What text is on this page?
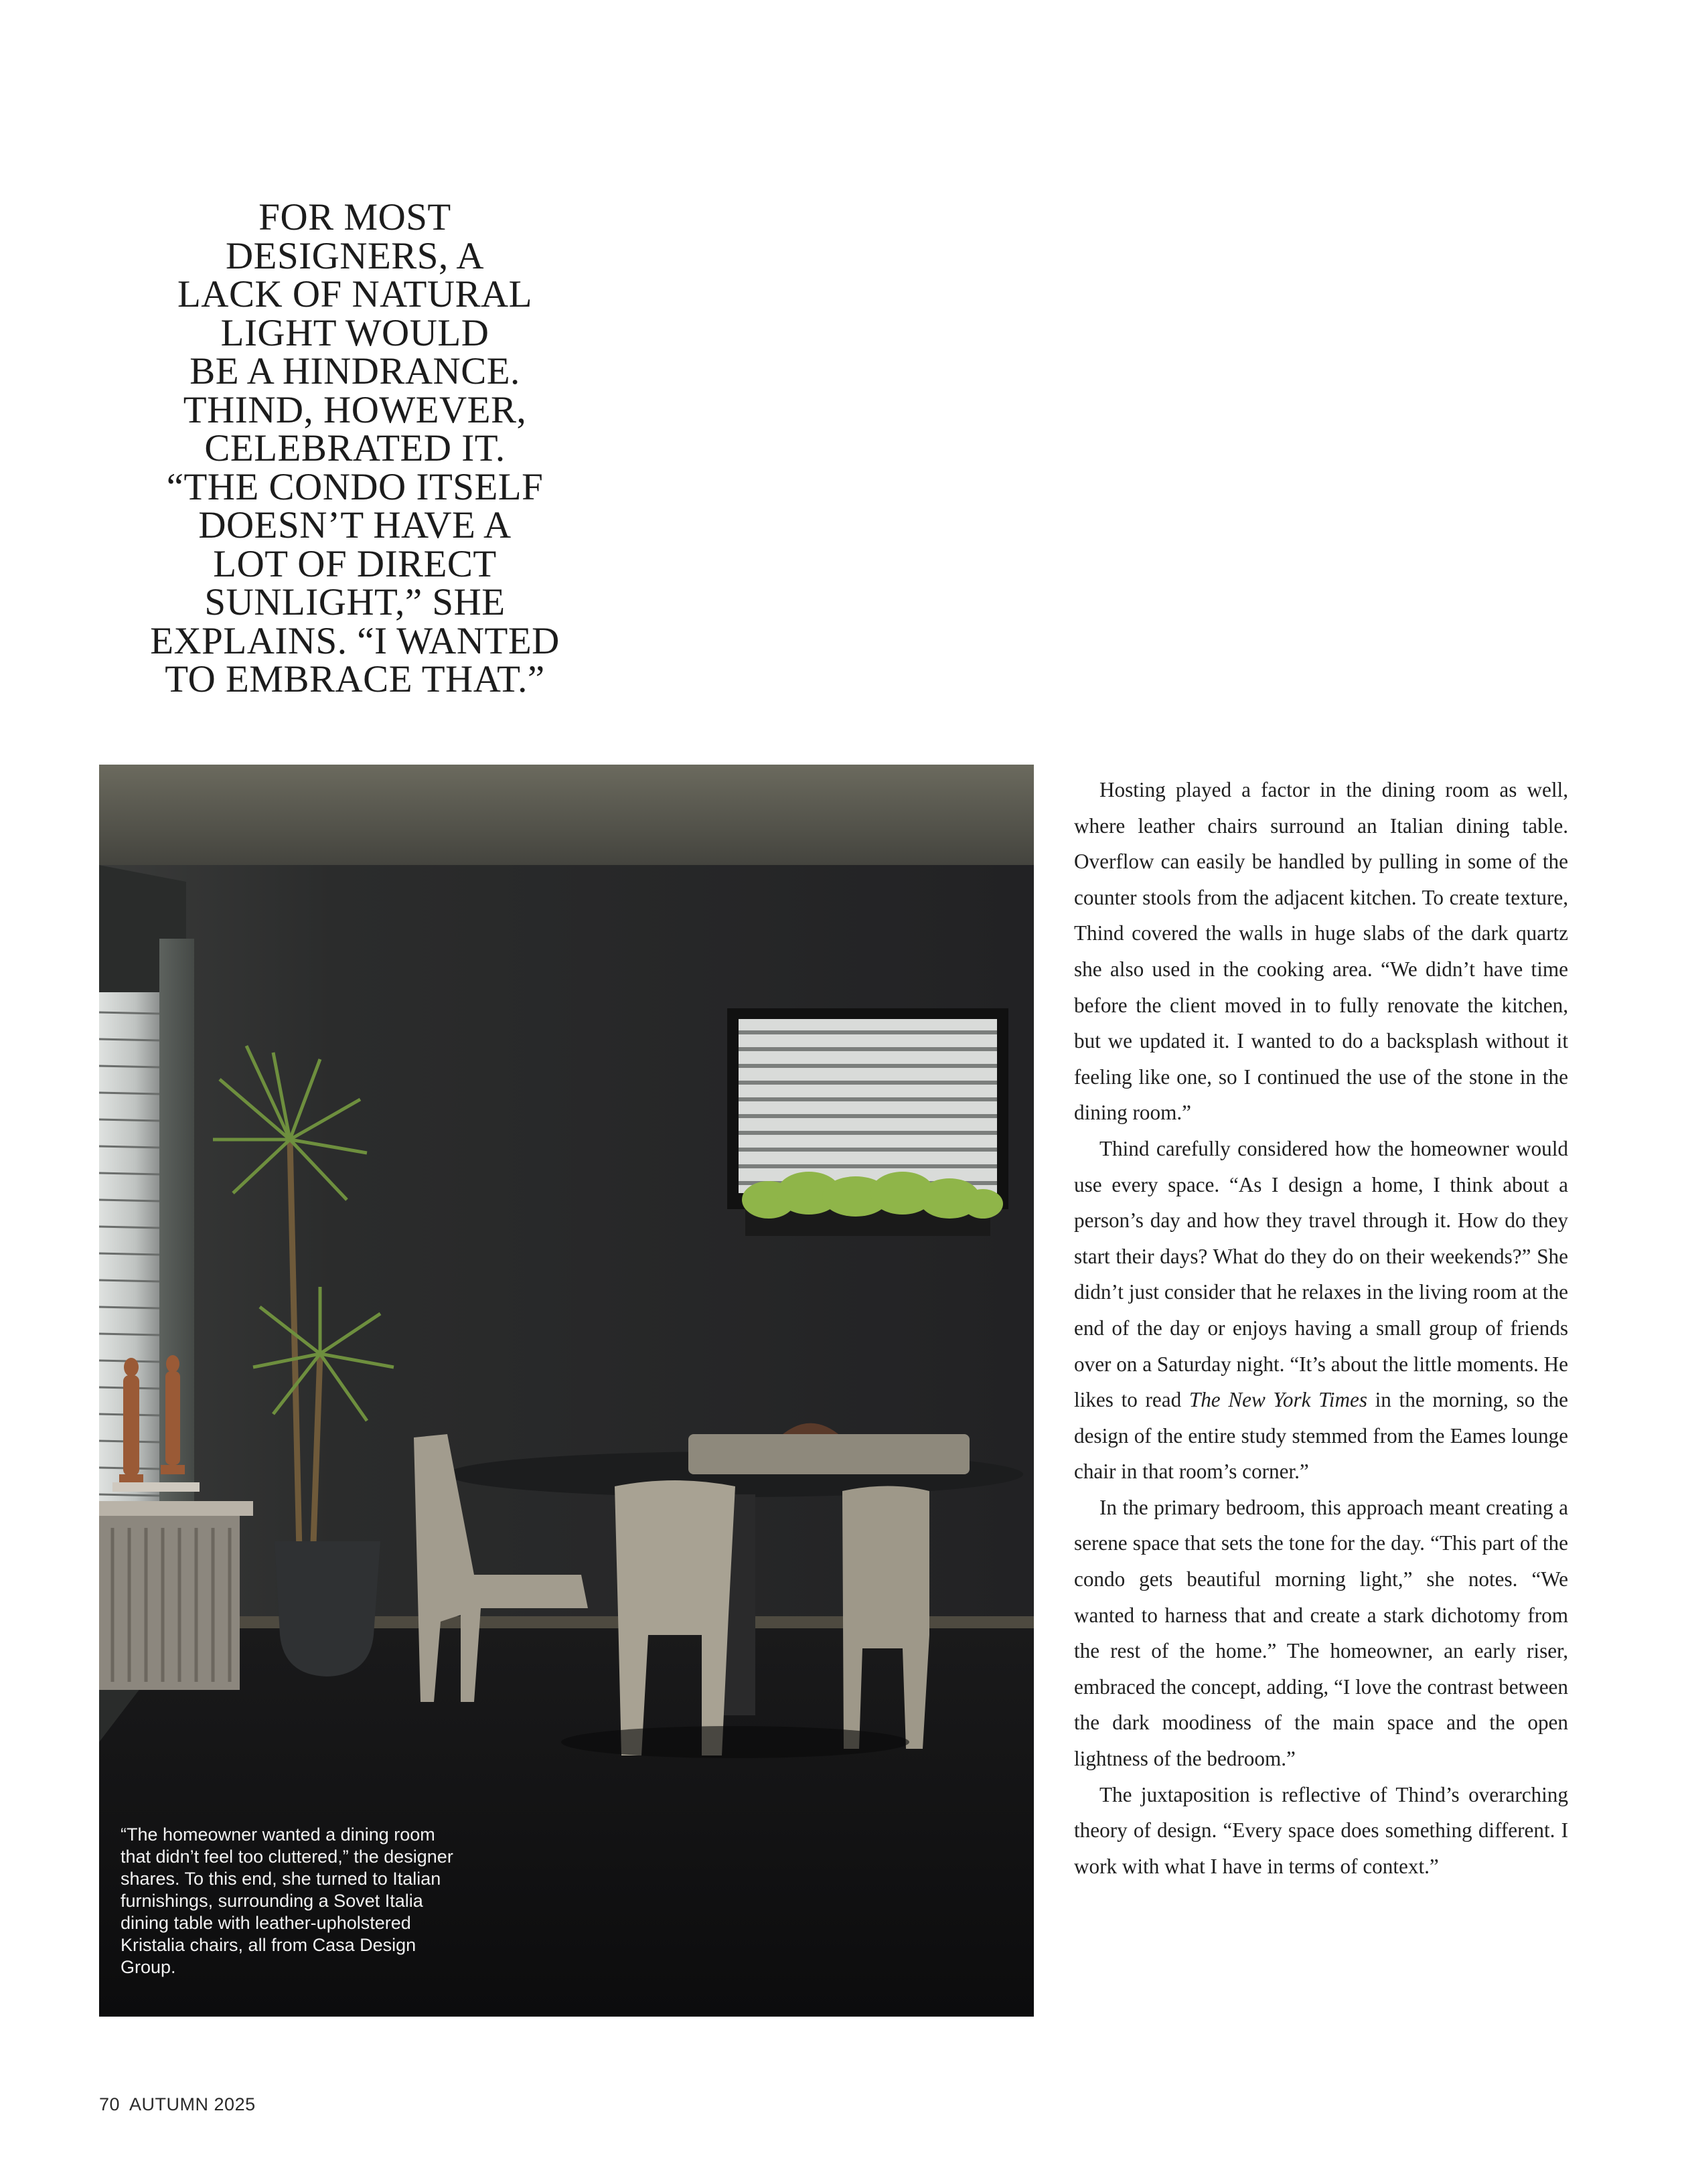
FOR MOST
DESIGNERS, A
LACK OF NATURAL
LIGHT WOULD
BE A HINDRANCE.
THIND, HOWEVER,
CELEBRATED IT.
“THE CONDO ITSELF
DOESN’T HAVE A
LOT OF DIRECT
SUNLIGHT,” SHE
EXPLAINS. “I WANTED
TO EMBRACE THAT.”

“The homeowner wanted a dining room that didn’t feel too cluttered,” the designer shares. To this end, she turned to Italian furnishings, surrounding a Sovet Italia dining table with leather-upholstered Kristalia chairs, all from Casa Design Group.

Hosting played a factor in the dining room as well, where leather chairs surround an Italian dining table. Overflow can easily be handled by pulling in some of the counter stools from the adjacent kitchen. To create texture, Thind covered the walls in huge slabs of the dark quartz she also used in the cooking area. “We didn’t have time before the client moved in to fully renovate the kitchen, but we updated it. I wanted to do a backsplash without it feeling like one, so I continued the use of the stone in the dining room.”

Thind carefully considered how the homeowner would use every space. “As I design a home, I think about a person’s day and how they travel through it. How do they start their days? What do they do on their weekends?” She didn’t just consider that he relaxes in the living room at the end of the day or enjoys having a small group of friends over on a Saturday night. “It’s about the little moments. He likes to read The New York Times in the morning, so the design of the entire study stemmed from the Eames lounge chair in that room’s corner.”

In the primary bedroom, this approach meant creating a serene space that sets the tone for the day. “This part of the condo gets beautiful morning light,” she notes. “We wanted to harness that and create a stark dichotomy from the rest of the home.” The homeowner, an early riser, embraced the concept, adding, “I love the contrast between the dark moodiness of the main space and the open lightness of the bedroom.”

The juxtaposition is reflective of Thind’s overarching theory of design. “Every space does something different. I work with what I have in terms of context.”

70 AUTUMN 2025
